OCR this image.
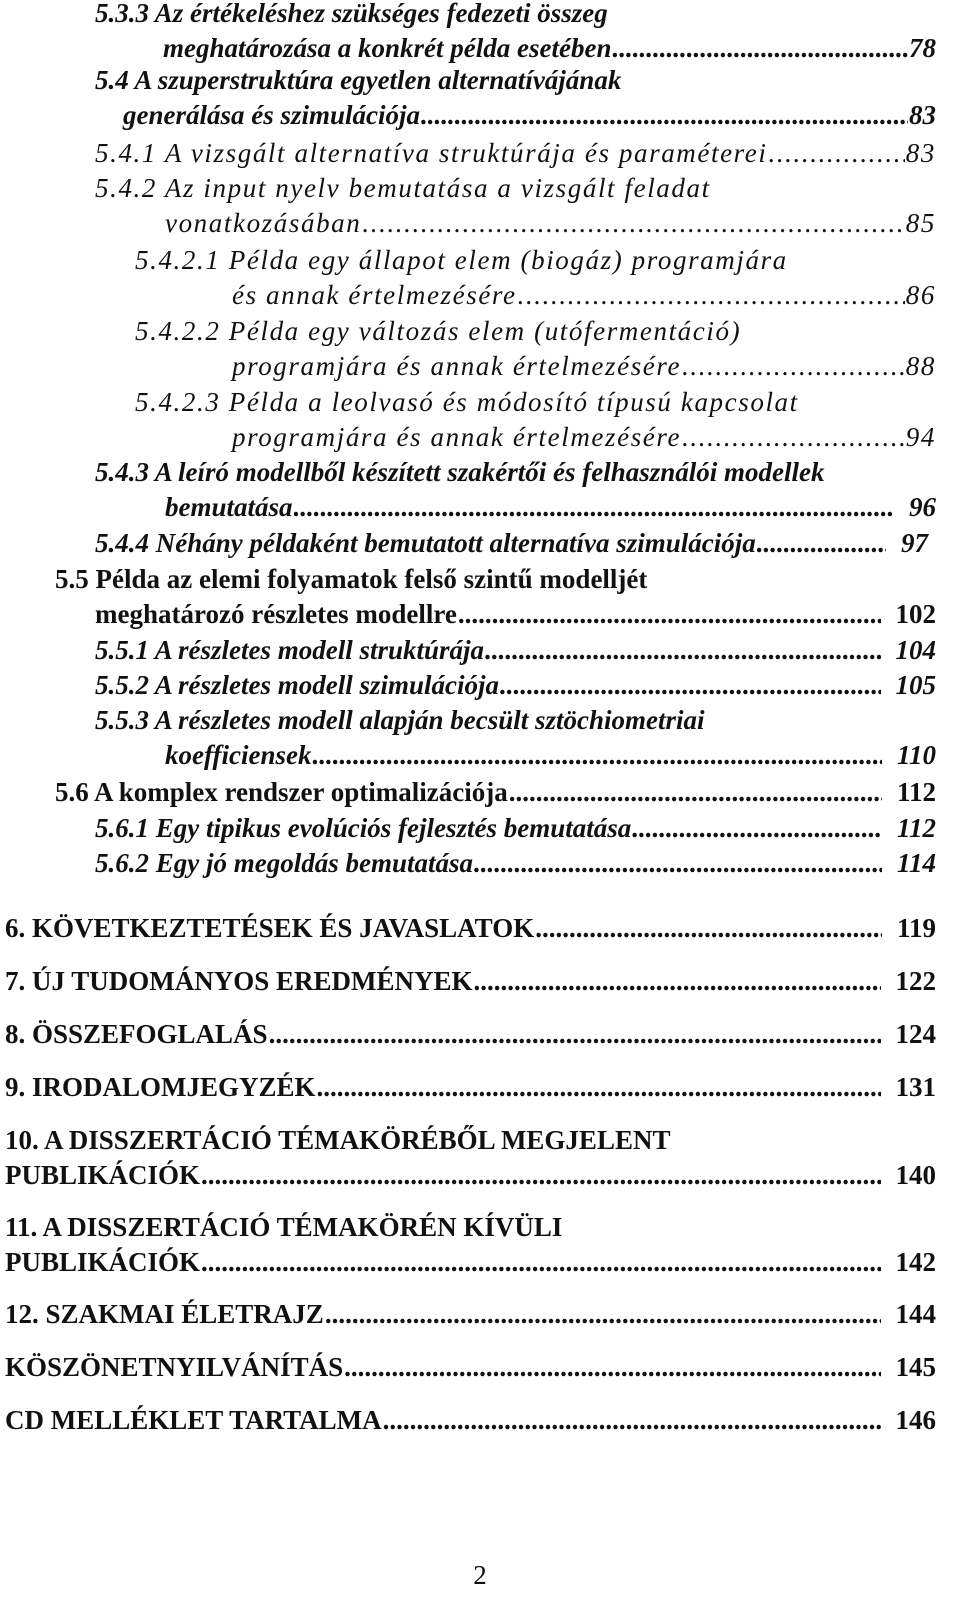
5.3.3 Az értékeléshez szükséges fedezeti összeg
meghatározása a konkrét példa esetében .....	78
5.4 A szuperstruktúra egyetlen alternatívájának
generálása és szimulációja .....	83
5.4.1 A vizsgált alternatíva struktúrája és paraméterei .....	83
5.4.2 Az input nyelv bemutatása a vizsgált feladat
vonatkozásában .....	85
5.4.2.1 Példa egy állapot elem (biogáz) programjára
és annak értelmezésére .....	86
5.4.2.2 Példa egy változás elem (utófermentáció)
programjára és annak értelmezésére .....	88
5.4.2.3 Példa a leolvasó és módosító típusú kapcsolat
programjára és annak értelmezésére .....	94
5.4.3 A leíró modellből készített szakértői és felhasználói modellek
bemutatása .....	96
5.4.4 Néhány példaként bemutatott alternatíva szimulációja .....	97
5.5 Példa az elemi folyamatok felső szintű modelljét
meghatározó részletes modellre .....	102
5.5.1 A részletes modell struktúrája .....	104
5.5.2 A részletes modell szimulációja .....	105
5.5.3 A részletes modell alapján becsült sztöchiometriai
koefficiensek .....	110
5.6 A komplex rendszer optimalizációja .....	112
5.6.1 Egy tipikus evolúciós fejlesztés bemutatása .....	112
5.6.2 Egy jó megoldás bemutatása .....	114
6. KÖVETKEZTETÉSEK ÉS JAVASLATOK .....	119
7. ÚJ TUDOMÁNYOS EREDMÉNYEK .....	122
8. ÖSSZEFOGLALÁS .....	124
9. IRODALOMJEGYZÉK .....	131
10. A DISSZERTÁCIÓ TÉMAKÖRÉBŐL MEGJELENT
PUBLIKÁCIÓK .....	140
11. A DISSZERTÁCIÓ TÉMAKÖRÉN KÍVÜLI
PUBLIKÁCIÓK .....	142
12. SZAKMAI ÉLETRAJZ .....	144
KÖSZÖNETNYILVÁNÍTÁS .....	145
CD MELLÉKLET TARTALMA .....	146
2
